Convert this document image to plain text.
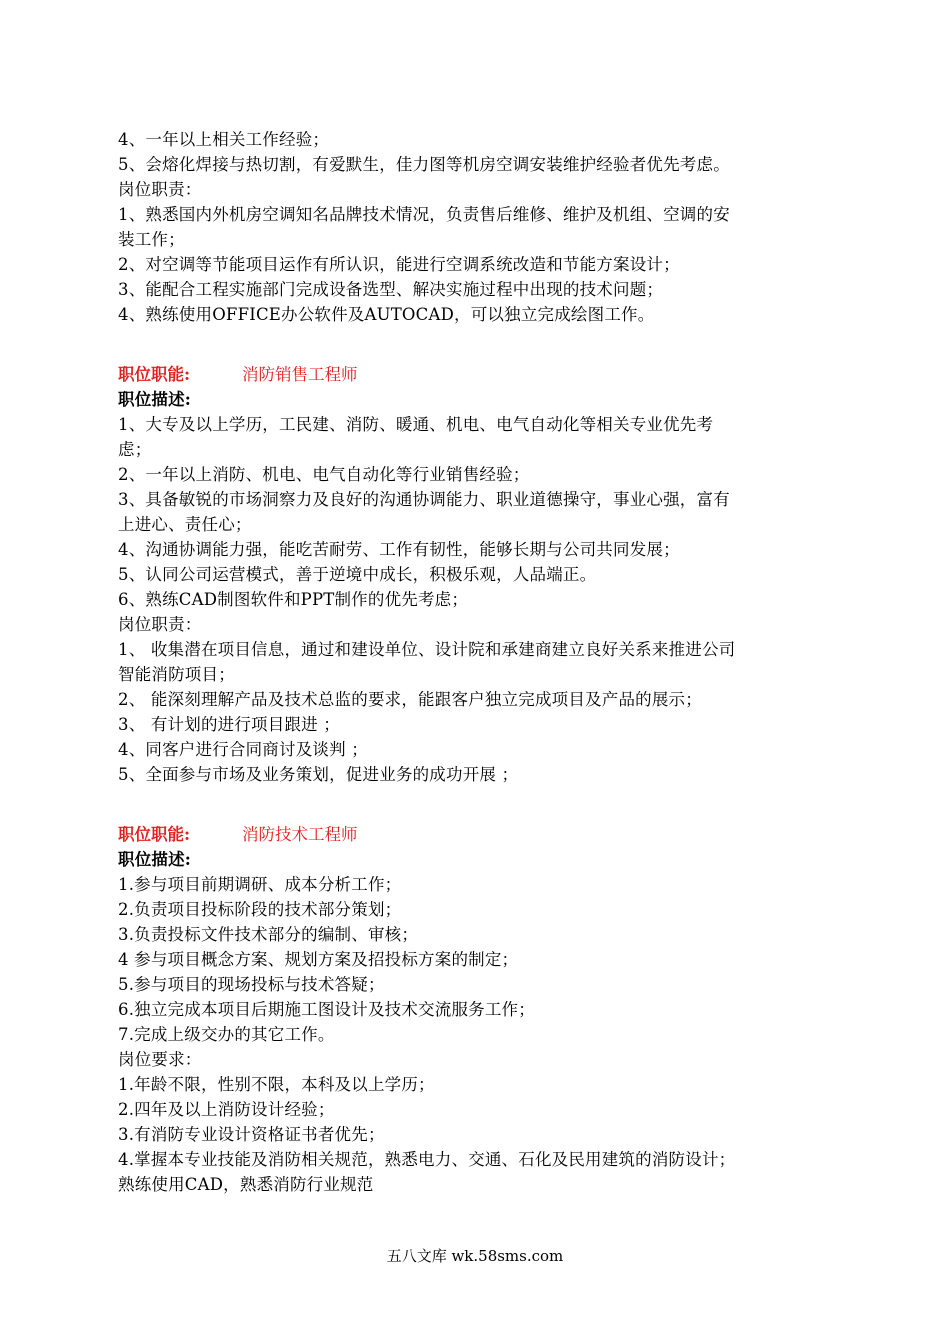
4、一年以上相关工作经验；
5、会熔化焊接与热切割，有爱默生，佳力图等机房空调安装维护经验者优先考虑。
岗位职责：
1、熟悉国内外机房空调知名品牌技术情况，负责售后维修、维护及机组、空调的安
装工作；
2、对空调等节能项目运作有所认识，能进行空调系统改造和节能方案设计；
3、能配合工程实施部门完成设备选型、解决实施过程中出现的技术问题；
4、熟练使用OFFICE办公软件及AUTOCAD，可以独立完成绘图工作。
职位职能:	消防销售工程师
职位描述:
1、大专及以上学历，工民建、消防、暖通、机电、电气自动化等相关专业优先考
虑；
2、一年以上消防、机电、电气自动化等行业销售经验；
3、具备敏锐的市场洞察力及良好的沟通协调能力、职业道德操守，事业心强，富有
上进心、责任心；
4、沟通协调能力强，能吃苦耐劳、工作有韧性，能够长期与公司共同发展；
5、认同公司运营模式，善于逆境中成长，积极乐观，人品端正。
6、熟练CAD制图软件和PPT制作的优先考虑；
岗位职责：
1、 收集潜在项目信息，通过和建设单位、设计院和承建商建立良好关系来推进公司
智能消防项目；
2、 能深刻理解产品及技术总监的要求，能跟客户独立完成项目及产品的展示；
3、 有计划的进行项目跟进 ；
4、同客户进行合同商讨及谈判 ；
5、全面参与市场及业务策划，促进业务的成功开展 ；
职位职能:	消防技术工程师
职位描述:
1.参与项目前期调研、成本分析工作；
2.负责项目投标阶段的技术部分策划；
3.负责投标文件技术部分的编制、审核；
4 参与项目概念方案、规划方案及招投标方案的制定；
5.参与项目的现场投标与技术答疑；
6.独立完成本项目后期施工图设计及技术交流服务工作；
7.完成上级交办的其它工作。
岗位要求：
1.年龄不限，性别不限，本科及以上学历；
2.四年及以上消防设计经验；
3.有消防专业设计资格证书者优先；
4.掌握本专业技能及消防相关规范，熟悉电力、交通、石化及民用建筑的消防设计；
熟练使用CAD，熟悉消防行业规范
五八文库 wk.58sms.com
